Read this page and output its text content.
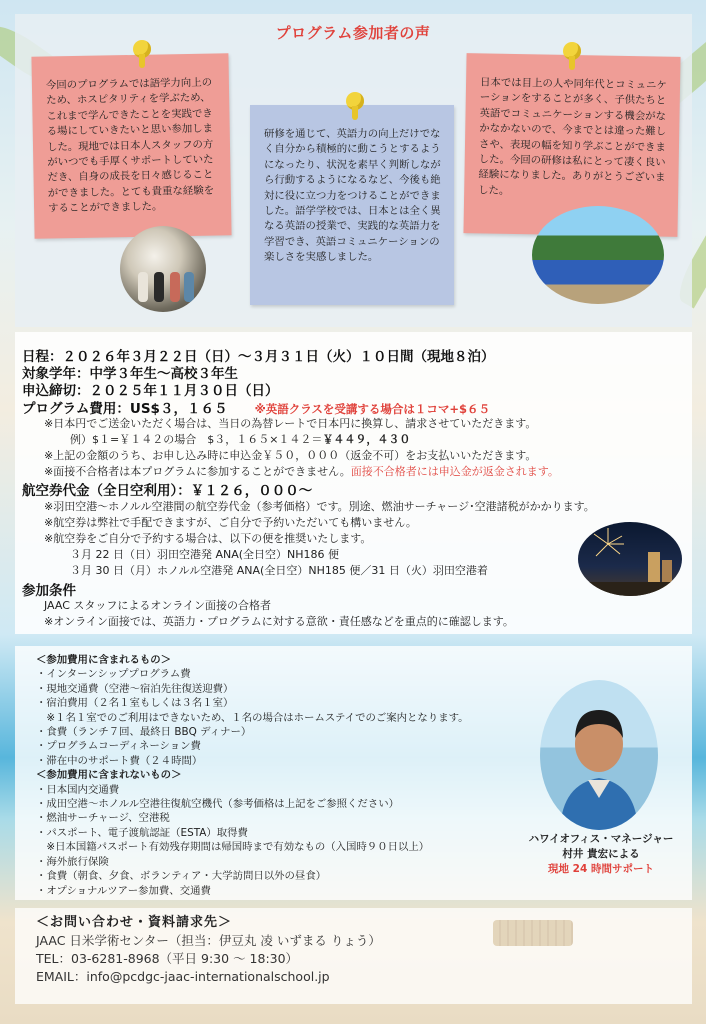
プログラム参加者の声
今回のプログラムでは語学力向上のため、ホスピタリティを学ぶため、これまで学んできたことを実践できる場にしていきたいと思い参加しました。現地では日本人スタッフの方がいつでも手厚くサポートしていただき、自身の成長を日々感じることができました。とても貴重な経験をすることができました。
研修を通じて、英語力の向上だけでなく自分から積極的に動こうとするようになったり、状況を素早く判断しながら行動するようになるなど、今後も絶対に役に立つ力をつけることができました。語学学校では、日本とは全く異なる英語の授業で、実践的な英語力を学習でき、英語コミュニケーションの楽しさを実感しました。
日本では目上の人や同年代とコミュニケーションをすることが多く、子供たちと英語でコミュニケーションする機会がなかなかないので、今までとは違った難しさや、表現の幅を知り学ぶことができました。今回の研修は私にとって凄く良い経験になりました。ありがとうございました。
日程：２０２６年３月２２日（日）～３月３１日（火）１０日間（現地８泊）
対象学年：中学３年生～高校３年生
申込締切：２０２５年１１月３０日（日）
プログラム費用：US$３，１６５ ※英語クラスを受講する場合は１コマ+$６５
※日本円でご送金いただく場合は、当日の為替レートで日本円に換算し、請求させていただきます。
例）$１=￥１４２の場合　$３，１６５×１４２＝￥４４９，４３０
※上記の金額のうち、お申し込み時に申込金￥５０，０００（返金不可）をお支払いいただきます。
※面接不合格者は本プログラムに参加することができません。面接不合格者には申込金が返金されます。
航空券代金（全日空利用）：￥１２６，０００～
※羽田空港～ホノルル空港間の航空券代金（参考価格）です。別途、燃油サーチャージ･空港諸税がかかります。
※航空券は弊社で手配できますが、ご自分で予約いただいても構いません。
※航空券をご自分で予約する場合は、以下の便を推奨いたします。
３月 22 日（日）羽田空港発 ANA(全日空）NH186 便
３月 30 日（月）ホノルル空港発 ANA(全日空）NH185 便／31 日（火）羽田空港着
参加条件
JAAC スタッフによるオンライン面接の合格者
※オンライン面接では、英語力・プログラムに対する意欲・責任感などを重点的に確認します。
＜参加費用に含まれるもの＞
・インターンシッププログラム費
・現地交通費（空港～宿泊先往復送迎費）
・宿泊費用（２名１室もしくは３名１室）
　※１名１室でのご利用はできないため、１名の場合はホームステイでのご案内となります。
・食費（ランチ７回、最終日 BBQ ディナー）
・プログラムコーディネーション費
・滞在中のサポート費（２４時間）
＜参加費用に含まれないもの＞
・日本国内交通費
・成田空港～ホノルル空港往復航空機代（参考価格は上記をご参照ください）
・燃油サーチャージ、空港税
・パスポート、電子渡航認証（ESTA）取得費
　※日本国籍パスポート有効残存期間は帰国時まで有効なもの（入国時９０日以上）
・海外旅行保険
・食費（朝食、夕食、ボランティア・大学訪問日以外の昼食）
・オプショナルツアー参加費、交通費
ハワイオフィス・マネージャー
村井 貴宏による
現地 24 時間サポート
＜お問い合わせ・資料請求先＞
JAAC 日米学術センター（担当：伊豆丸 凌 いずまる りょう）
TEL：03-6281-8968（平日 9:30 ～ 18:30）
EMAIL：info@pcdgc-jaac-internationalschool.jp
